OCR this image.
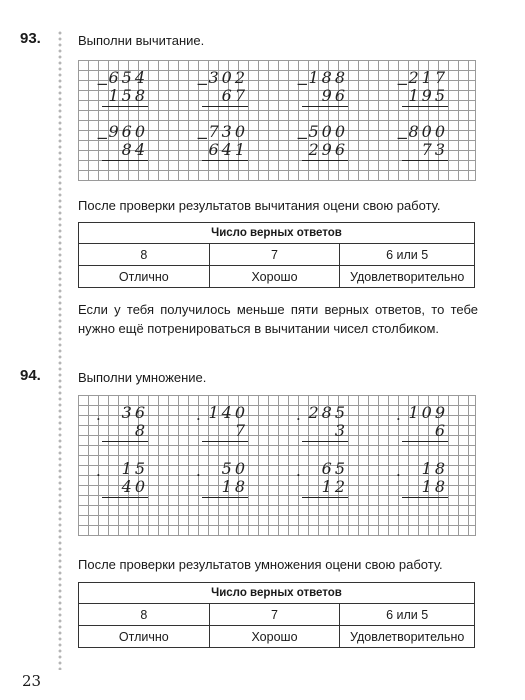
93.	Выполни вычитание.
− 654
158
− 302
67
− 188
96
− 217
195
− 960
84
− 730
641
− 500
296
− 800
73
После проверки результатов вычитания оцени свою работу.
Число верных ответов		
8	7	6 или 5
Отлично	Хорошо	Удовлетворительно
Если у тебя получилось меньше пяти верных ответов, то тебе нужно ещё потренироваться в вычитании чисел столбиком.
94.	Выполни умножение.
· 36
8
· 140
7
· 285
3
· 109
6
· 15
40
· 50
18
· 65
12
· 18
18
После проверки результатов умножения оцени свою работу.
Число верных ответов		
8	7	6 или 5
Отлично	Хорошо	Удовлетворительно
23
